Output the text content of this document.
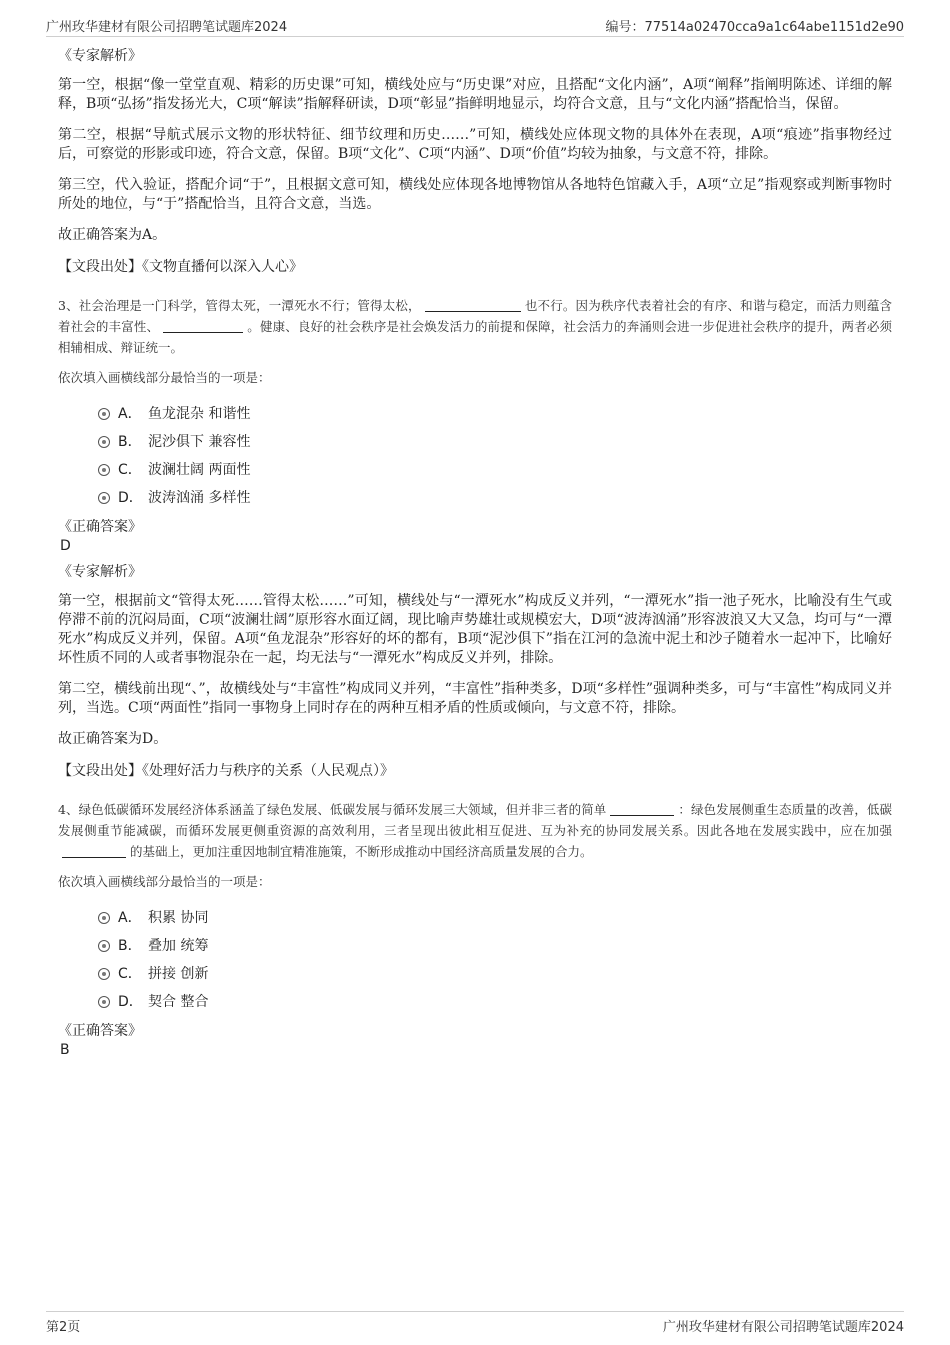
广州玫华建材有限公司招聘笔试题库2024	编号：77514a02470cca9a1c64abe1151d2e90
《专家解析》

第一空，根据“像一堂堂直观、精彩的历史课”可知，横线处应与“历史课”对应，且搭配“文化内涵”，A项“阐释”指阐明陈述、详细的解释，B项“弘扬”指发扬光大，C项“解读”指解释研读，D项“彰显”指鲜明地显示，均符合文意，且与“文化内涵”搭配恰当，保留。

第二空，根据“导航式展示文物的形状特征、细节纹理和历史……”可知，横线处应体现文物的具体外在表现，A项“痕迹”指事物经过后，可察觉的形影或印迹，符合文意，保留。B项“文化”、C项“内涵”、D项“价值”均较为抽象，与文意不符，排除。

第三空，代入验证，搭配介词“于”，且根据文意可知，横线处应体现各地博物馆从各地特色馆藏入手，A项“立足”指观察或判断事物时所处的地位，与“于”搭配恰当，且符合文意，当选。

故正确答案为A。

【文段出处】《文物直播何以深入人心》

3、社会治理是一门科学，管得太死，一潭死水不行；管得太松，	也不行。因为秩序代表着社会的有序、和谐与稳定，而活力则蕴含着社会的丰富性、	。健康、良好的社会秩序是社会焕发活力的前提和保障，社会活力的奔涌则会进一步促进社会秩序的提升，两者必须相辅相成、辩证统一。

依次填入画横线部分最恰当的一项是：
A． 鱼龙混杂 和谐性
B． 泥沙俱下 兼容性
C． 波澜壮阔 两面性
D． 波涛汹涌 多样性

《正确答案》

D

《专家解析》

第一空，根据前文“管得太死……管得太松……”可知，横线处与“一潭死水”构成反义并列，“一潭死水”指一池子死水，比喻没有生气或停滞不前的沉闷局面，C项“波澜壮阔”原形容水面辽阔，现比喻声势雄壮或规模宏大，D项“波涛汹涌”形容波浪又大又急，均可与“一潭死水”构成反义并列，保留。A项“鱼龙混杂”形容好的坏的都有，B项“泥沙俱下”指在江河的急流中泥土和沙子随着水一起冲下，比喻好坏性质不同的人或者事物混杂在一起，均无法与“一潭死水”构成反义并列，排除。

第二空，横线前出现“、”，故横线处与“丰富性”构成同义并列，“丰富性”指种类多，D项“多样性”强调种类多，可与“丰富性”构成同义并列，当选。C项“两面性”指同一事物身上同时存在的两种互相矛盾的性质或倾向，与文意不符，排除。

故正确答案为D。

【文段出处】《处理好活力与秩序的关系（人民观点）》

4、绿色低碳循环发展经济体系涵盖了绿色发展、低碳发展与循环发展三大领域，但并非三者的简单	：绿色发展侧重生态质量的改善，低碳发展侧重节能减碳，而循环发展更侧重资源的高效利用，三者呈现出彼此相互促进、互为补充的协同发展关系。因此各地在发展实践中，应在加强的基础上，更加注重因地制宜精准施策，不断形成推动中国经济高质量发展的合力。

依次填入画横线部分最恰当的一项是：
A． 积累 协同
B． 叠加 统筹
C． 拼接 创新
D． 契合 整合

《正确答案》

B

第2页	广州玫华建材有限公司招聘笔试题库2024
